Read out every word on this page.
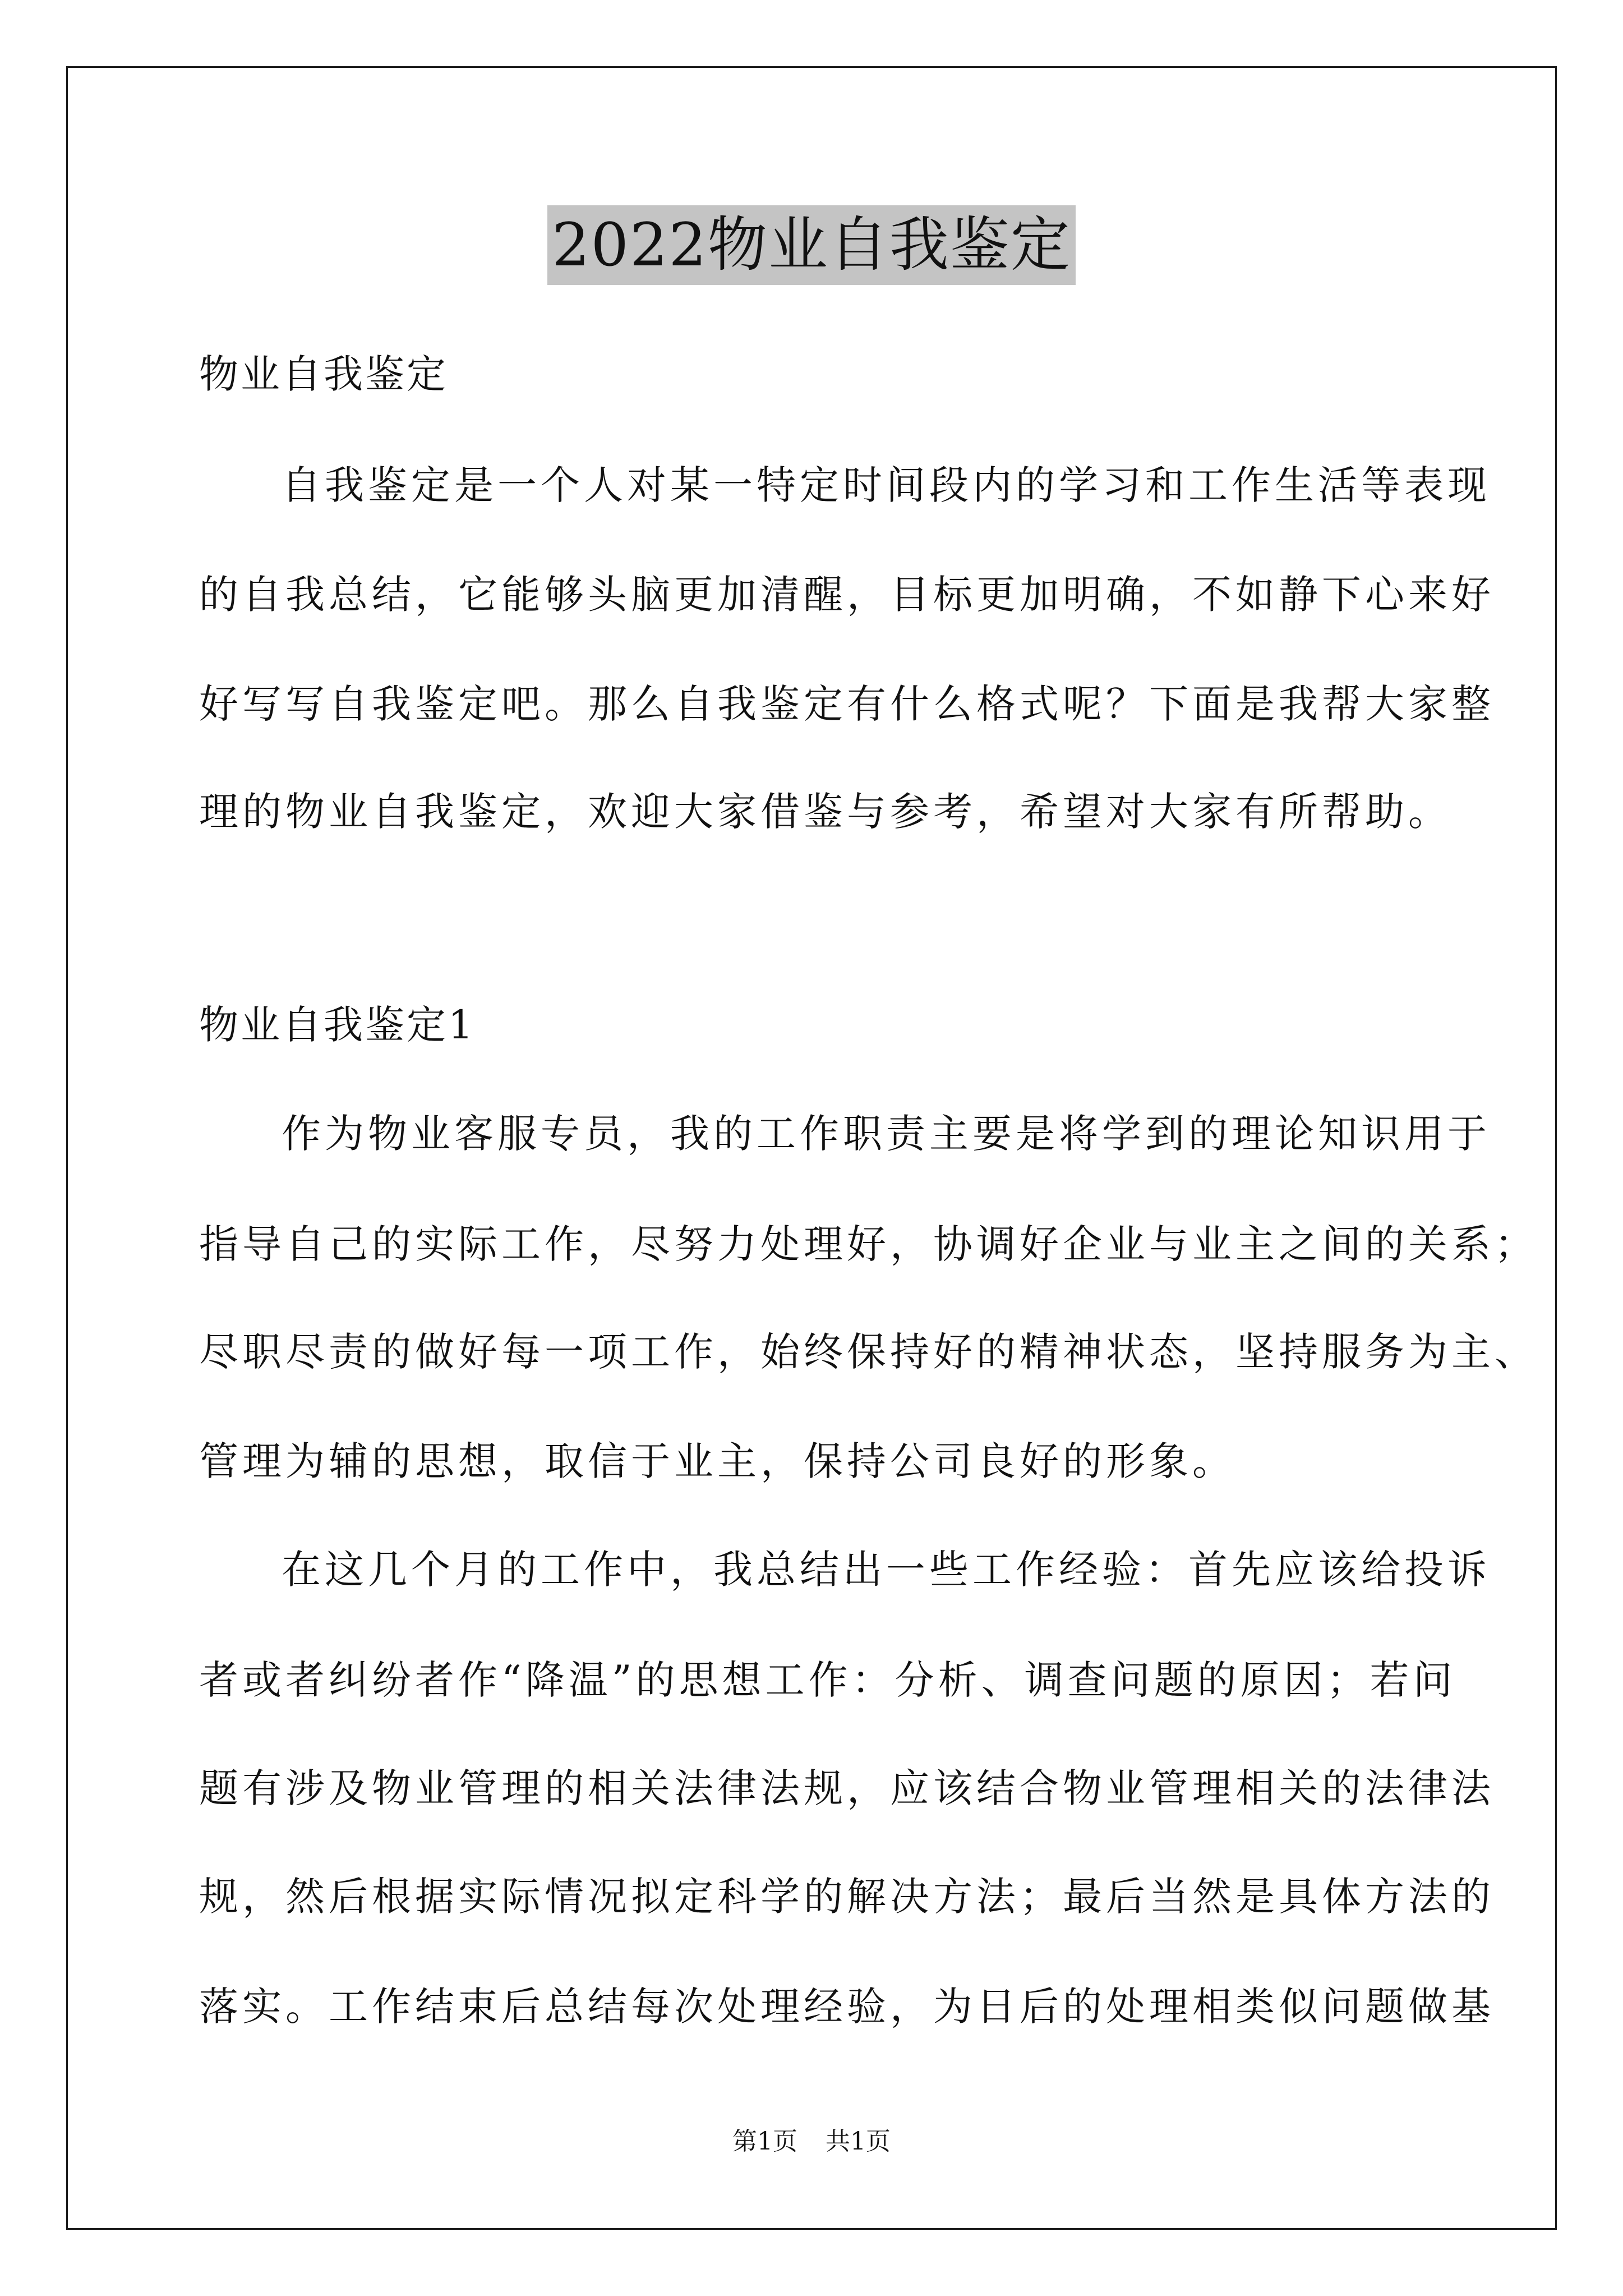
2022物业自我鉴定
物业自我鉴定
自我鉴定是一个人对某一特定时间段内的学习和工作生活等表现
的自我总结，它能够头脑更加清醒，目标更加明确，不如静下心来好
好写写自我鉴定吧。那么自我鉴定有什么格式呢？下面是我帮大家整
理的物业自我鉴定，欢迎大家借鉴与参考，希望对大家有所帮助。
物业自我鉴定1
作为物业客服专员，我的工作职责主要是将学到的理论知识用于
指导自己的实际工作，尽努力处理好，协调好企业与业主之间的关系；
尽职尽责的做好每一项工作，始终保持好的精神状态，坚持服务为主、
管理为辅的思想，取信于业主，保持公司良好的形象。
在这几个月的工作中，我总结出一些工作经验：首先应该给投诉
者或者纠纷者作“降温”的思想工作：分析、调查问题的原因；若问
题有涉及物业管理的相关法律法规，应该结合物业管理相关的法律法
规，然后根据实际情况拟定科学的解决方法；最后当然是具体方法的
落实。工作结束后总结每次处理经验，为日后的处理相类似问题做基
第1页 共1页
